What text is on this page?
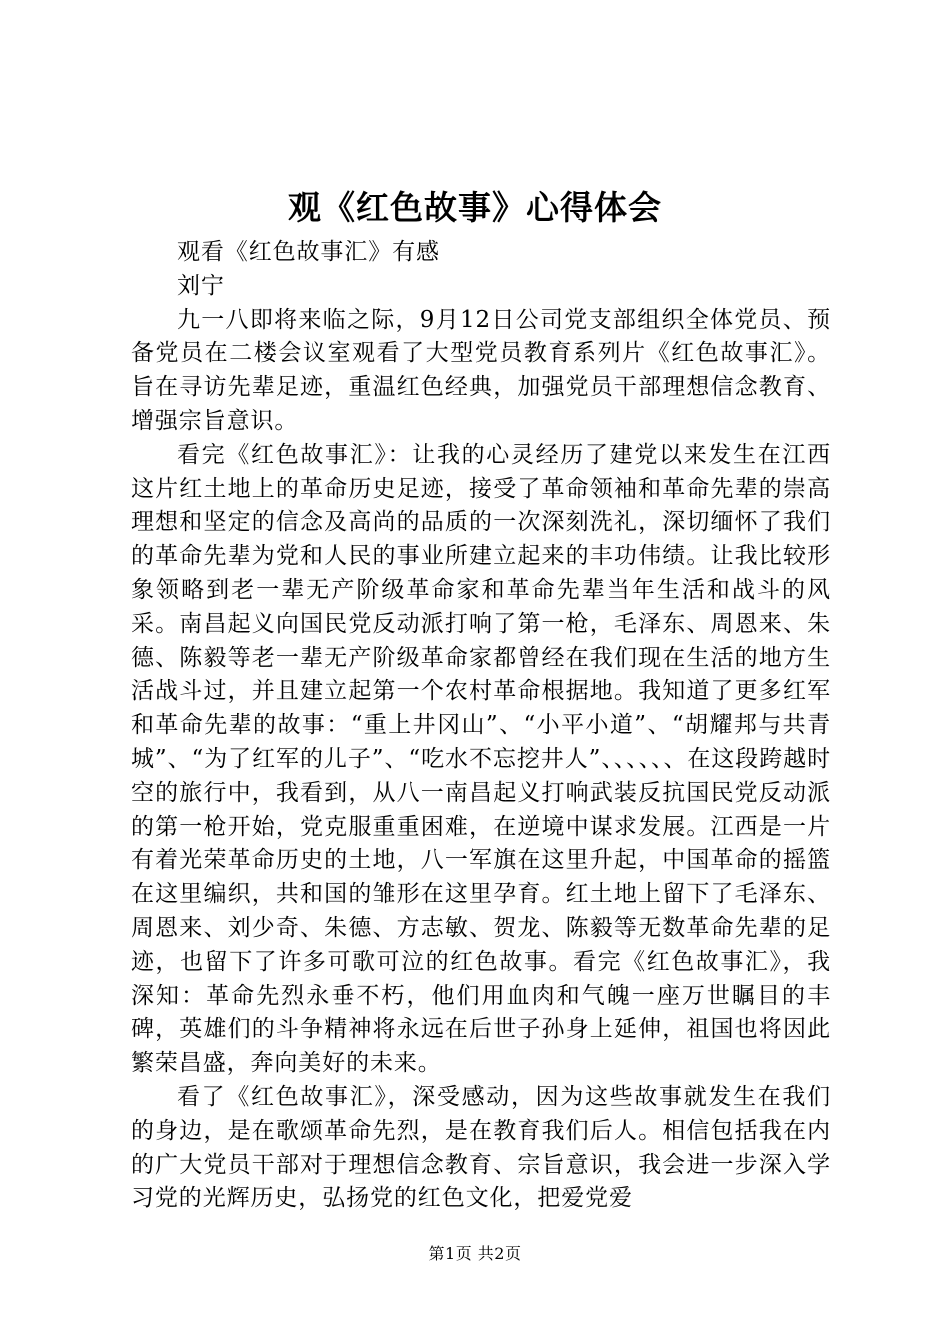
观《红色故事》心得体会

观看《红色故事汇》有感

刘宁

九一八即将来临之际，9月12日公司党支部组织全体党员、预备党员在二楼会议室观看了大型党员教育系列片《红色故事汇》。旨在寻访先辈足迹，重温红色经典，加强党员干部理想信念教育、增强宗旨意识。

看完《红色故事汇》：让我的心灵经历了建党以来发生在江西这片红土地上的革命历史足迹，接受了革命领袖和革命先辈的崇高理想和坚定的信念及高尚的品质的一次深刻洗礼，深切缅怀了我们的革命先辈为党和人民的事业所建立起来的丰功伟绩。让我比较形象领略到老一辈无产阶级革命家和革命先辈当年生活和战斗的风采。南昌起义向国民党反动派打响了第一枪，毛泽东、周恩来、朱德、陈毅等老一辈无产阶级革命家都曾经在我们现在生活的地方生活战斗过，并且建立起第一个农村革命根据地。我知道了更多红军和革命先辈的故事：“重上井冈山”、“小平小道”、“胡耀邦与共青城”、“为了红军的儿子”、“吃水不忘挖井人”、、、、、、在这段跨越时空的旅行中，我看到，从八一南昌起义打响武装反抗国民党反动派的第一枪开始，党克服重重困难，在逆境中谋求发展。江西是一片有着光荣革命历史的土地，八一军旗在这里升起，中国革命的摇篮在这里编织，共和国的雏形在这里孕育。红土地上留下了毛泽东、周恩来、刘少奇、朱德、方志敏、贺龙、陈毅等无数革命先辈的足迹，也留下了许多可歌可泣的红色故事。看完《红色故事汇》，我深知：革命先烈永垂不朽，他们用血肉和气魄一座万世瞩目的丰碑，英雄们的斗争精神将永远在后世子孙身上延伸，祖国也将因此繁荣昌盛，奔向美好的未来。

看了《红色故事汇》，深受感动，因为这些故事就发生在我们的身边，是在歌颂革命先烈，是在教育我们后人。相信包括我在内的广大党员干部对于理想信念教育、宗旨意识，我会进一步深入学习党的光辉历史，弘扬党的红色文化，把爱党爱

第1页 共2页
